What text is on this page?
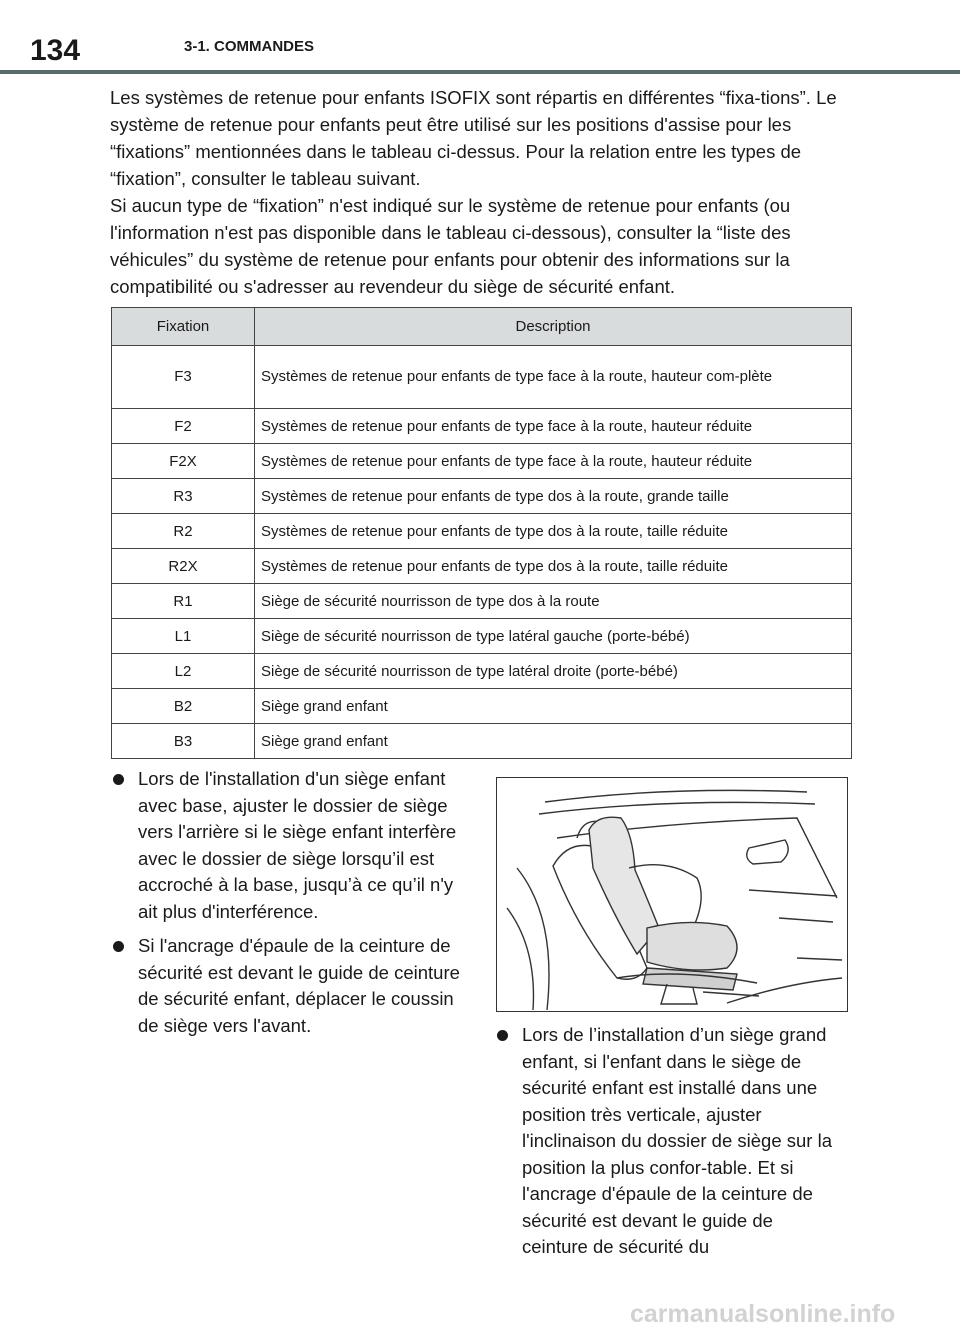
134	3-1. COMMANDES

Les systèmes de retenue pour enfants ISOFIX sont répartis en différentes “fixa-tions”. Le système de retenue pour enfants peut être utilisé sur les positions d'assise pour les “fixations” mentionnées dans le tableau ci-dessus. Pour la relation entre les types de “fixation”, consulter le tableau suivant.

Si aucun type de “fixation” n'est indiqué sur le système de retenue pour enfants (ou l'information n'est pas disponible dans le tableau ci-dessous), consulter la “liste des véhicules” du système de retenue pour enfants pour obtenir des informations sur la compatibilité ou s'adresser au revendeur du siège de sécurité enfant.

Fixation	Description
F3	Systèmes de retenue pour enfants de type face à la route, hauteur com-plète
F2	Systèmes de retenue pour enfants de type face à la route, hauteur réduite
F2X	Systèmes de retenue pour enfants de type face à la route, hauteur réduite
R3	Systèmes de retenue pour enfants de type dos à la route, grande taille
R2	Systèmes de retenue pour enfants de type dos à la route, taille réduite
R2X	Systèmes de retenue pour enfants de type dos à la route, taille réduite
R1	Siège de sécurité nourrisson de type dos à la route
L1	Siège de sécurité nourrisson de type latéral gauche (porte-bébé)
L2	Siège de sécurité nourrisson de type latéral droite (porte-bébé)
B2	Siège grand enfant
B3	Siège grand enfant
Lors de l'installation d'un siège enfant avec base, ajuster le dossier de siège vers l'arrière si le siège enfant interfère avec le dossier de siège lorsqu’il est accroché à la base, jusqu’à ce qu’il n'y ait plus d'interférence.
Si l'ancrage d'épaule de la ceinture de sécurité est devant le guide de ceinture de sécurité enfant, déplacer le coussin de siège vers l'avant.	Lors de l’installation d’un siège grand enfant, si l'enfant dans le siège de sécurité enfant est installé dans une position très verticale, ajuster l'inclinaison du dossier de siège sur la position la plus confor-table. Et si l'ancrage d'épaule de la ceinture de sécurité est devant le guide de ceinture de sécurité du
carmanualsonline.info
